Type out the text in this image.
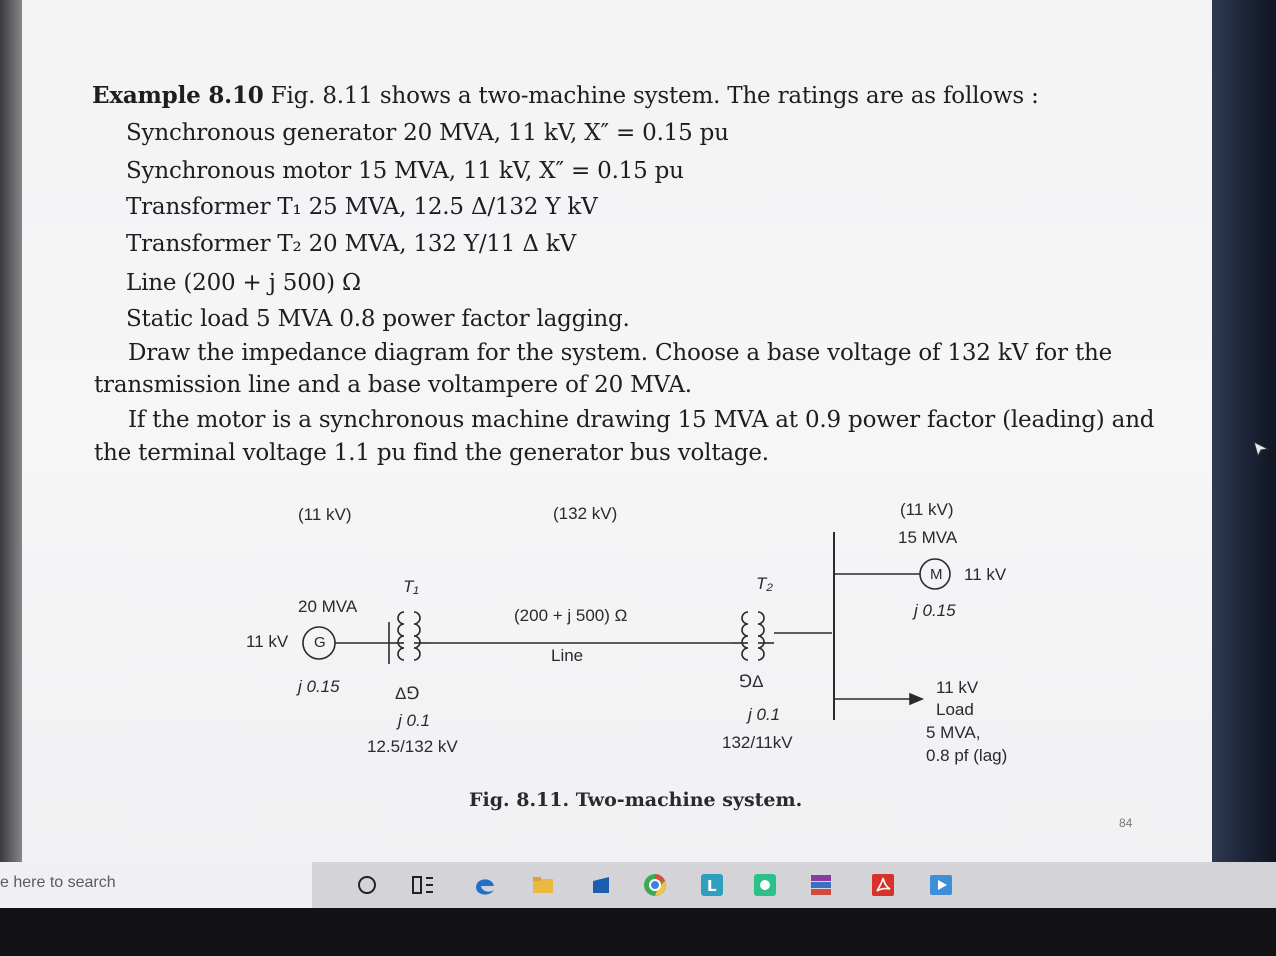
Example 8.10 Fig. 8.11 shows a two-machine system. The ratings are as follows :
Synchronous generator 20 MVA, 11 kV, X″ = 0.15 pu
Synchronous motor 15 MVA, 11 kV, X″ = 0.15 pu
Transformer T₁ 25 MVA, 12.5 Δ/132 Y kV
Transformer T₂ 20 MVA, 132 Y/11 Δ kV
Line (200 + j 500) Ω
Static load 5 MVA 0.8 power factor lagging.
Draw the impedance diagram for the system. Choose a base voltage of 132 kV for the
transmission line and a base voltampere of 20 MVA.
If the motor is a synchronous machine drawing 15 MVA at 0.9 power factor (leading) and
the terminal voltage 1.1 pu find the generator bus voltage.
(11 kV)	(132 kV)	(11 kV)
15 MVA
20 MVA
11 kV G
j 0.15
T₁
Δ⅁
j 0.1
12.5/132 kV
(200 + j 500) Ω
Line
T₂
⅁Δ
j 0.1
132/11kV
M 11 kV
j 0.15
11 kV
Load
5 MVA,
0.8 pf (lag)
Fig. 8.11. Two-machine system.
84
e here to search	L
